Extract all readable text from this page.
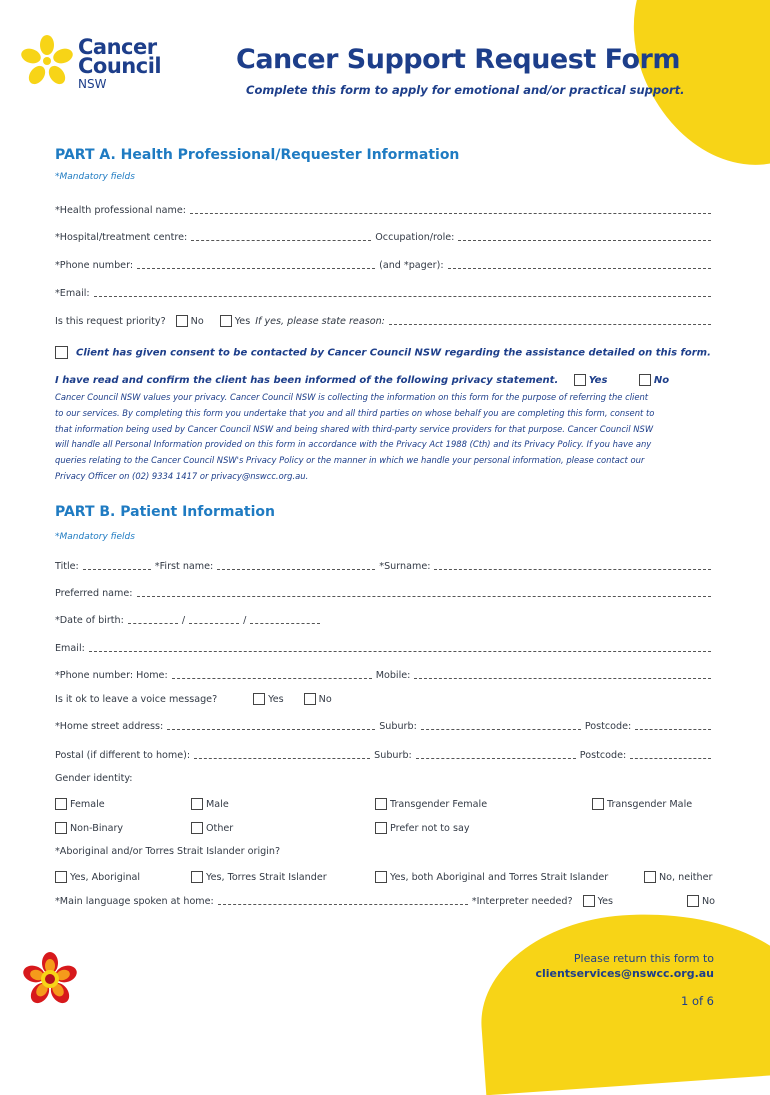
Cancer
Council
NSW
Cancer Support Request Form
Complete this form to apply for emotional and/or practical support.
PART A. Health Professional/Requester Information
*Mandatory fields
*Health professional name:
*Hospital/treatment centre:	Occupation/role:
*Phone number:	(and *pager):
*Email:
Is this request priority?	No	Yes If yes, please state reason:
Client has given consent to be contacted by Cancer Council NSW regarding the assistance detailed on this form.
I have read and confirm the client has been informed of the following privacy statement.	Yes	No
Cancer Council NSW values your privacy. Cancer Council NSW is collecting the information on this form for the purpose of referring the client
to our services. By completing this form you undertake that you and all third parties on whose behalf you are completing this form, consent to
that information being used by Cancer Council NSW and being shared with third-party service providers for that purpose. Cancer Council NSW
will handle all Personal Information provided on this form in accordance with the Privacy Act 1988 (Cth) and its Privacy Policy. If you have any
queries relating to the Cancer Council NSW's Privacy Policy or the manner in which we handle your personal information, please contact our
Privacy Officer on (02) 9334 1417 or privacy@nswcc.org.au.
PART B. Patient Information
*Mandatory fields
Title:	*First name:	*Surname:
Preferred name:
*Date of birth:	/	/
Email:
*Phone number: Home:	Mobile:
Is it ok to leave a voice message?	Yes	No
*Home street address:	Suburb:	Postcode:
Postal (if different to home):	Suburb:	Postcode:
Gender identity:
Female	Male	Transgender Female	Transgender Male
Non-Binary	Other	Prefer not to say
*Aboriginal and/or Torres Strait Islander origin?
Yes, Aboriginal	Yes, Torres Strait Islander	Yes, both Aboriginal and Torres Strait Islander	No, neither
*Main language spoken at home:	*Interpreter needed?	Yes	No
Please return this form to
clientservices@nswcc.org.au
1 of 6
